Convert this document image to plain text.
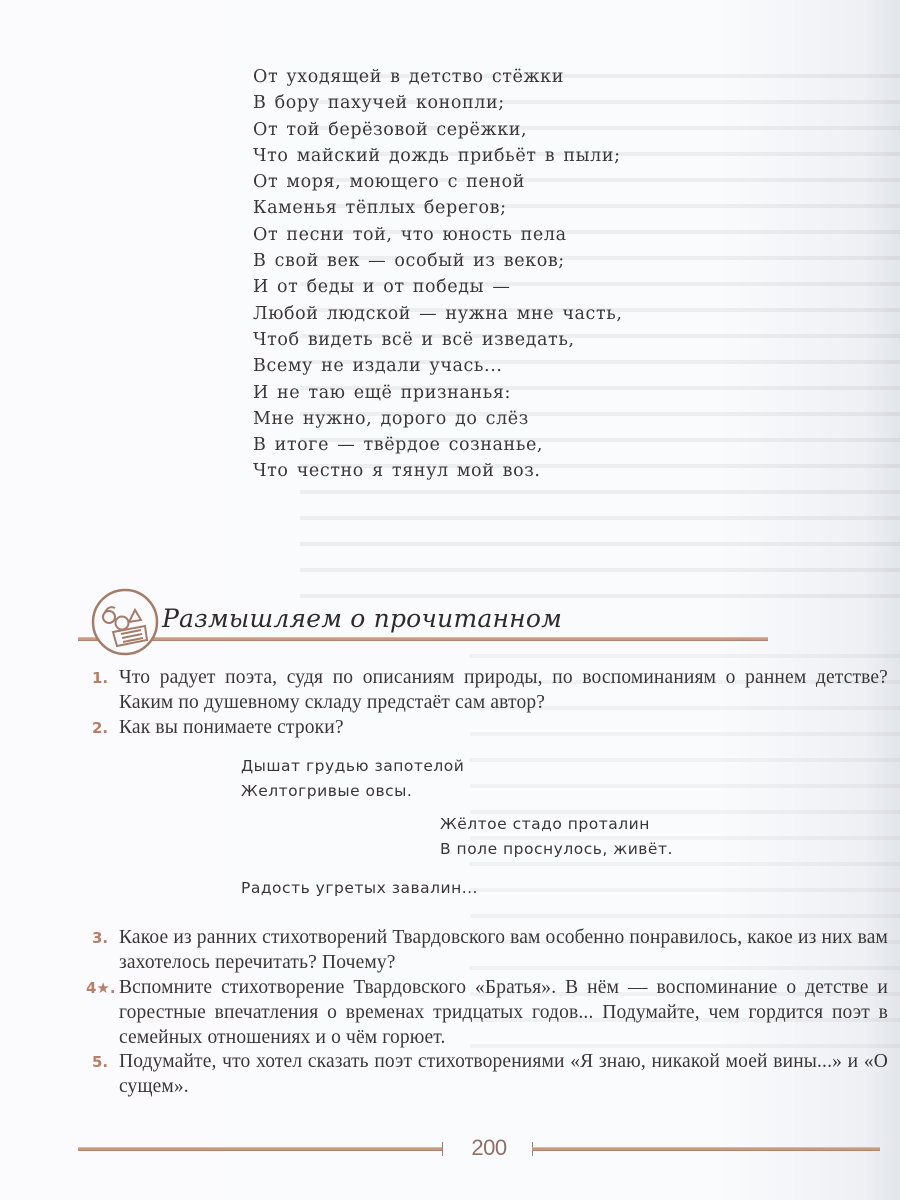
От уходящей в детство стёжки
В бору пахучей конопли;
От той берёзовой серёжки,
Что майский дождь прибьёт в пыли;
От моря, моющего с пеной
Каменья тёплых берегов;
От песни той, что юность пела
В свой век — особый из веков;
И от беды и от победы —
Любой людской — нужна мне часть,
Чтоб видеть всё и всё изведать,
Всему не издали учась...
И не таю ещё признанья:
Мне нужно, дорого до слёз
В итоге — твёрдое сознанье,
Что честно я тянул мой воз.
Размышляем о прочитанном
1. Что радует поэта, судя по описаниям природы, по воспоминаниям о раннем детстве? Каким по душевному складу предстаёт сам автор?
2. Как вы понимаете строки?
Дышат грудью запотелой
Желтогривые овсы.
Жёлтое стадо проталин
В поле проснулось, живёт.
Радость угретых завалин...
3. Какое из ранних стихотворений Твардовского вам особенно понравилось, какое из них вам захотелось перечитать? Почему?
4★. Вспомните стихотворение Твардовского «Братья». В нём — воспоминание о детстве и горестные впечатления о временах тридцатых годов... Подумайте, чем гордится поэт в семейных отношениях и о чём горюет.
5. Подумайте, что хотел сказать поэт стихотворениями «Я знаю, никакой моей вины...» и «О сущем».
200
